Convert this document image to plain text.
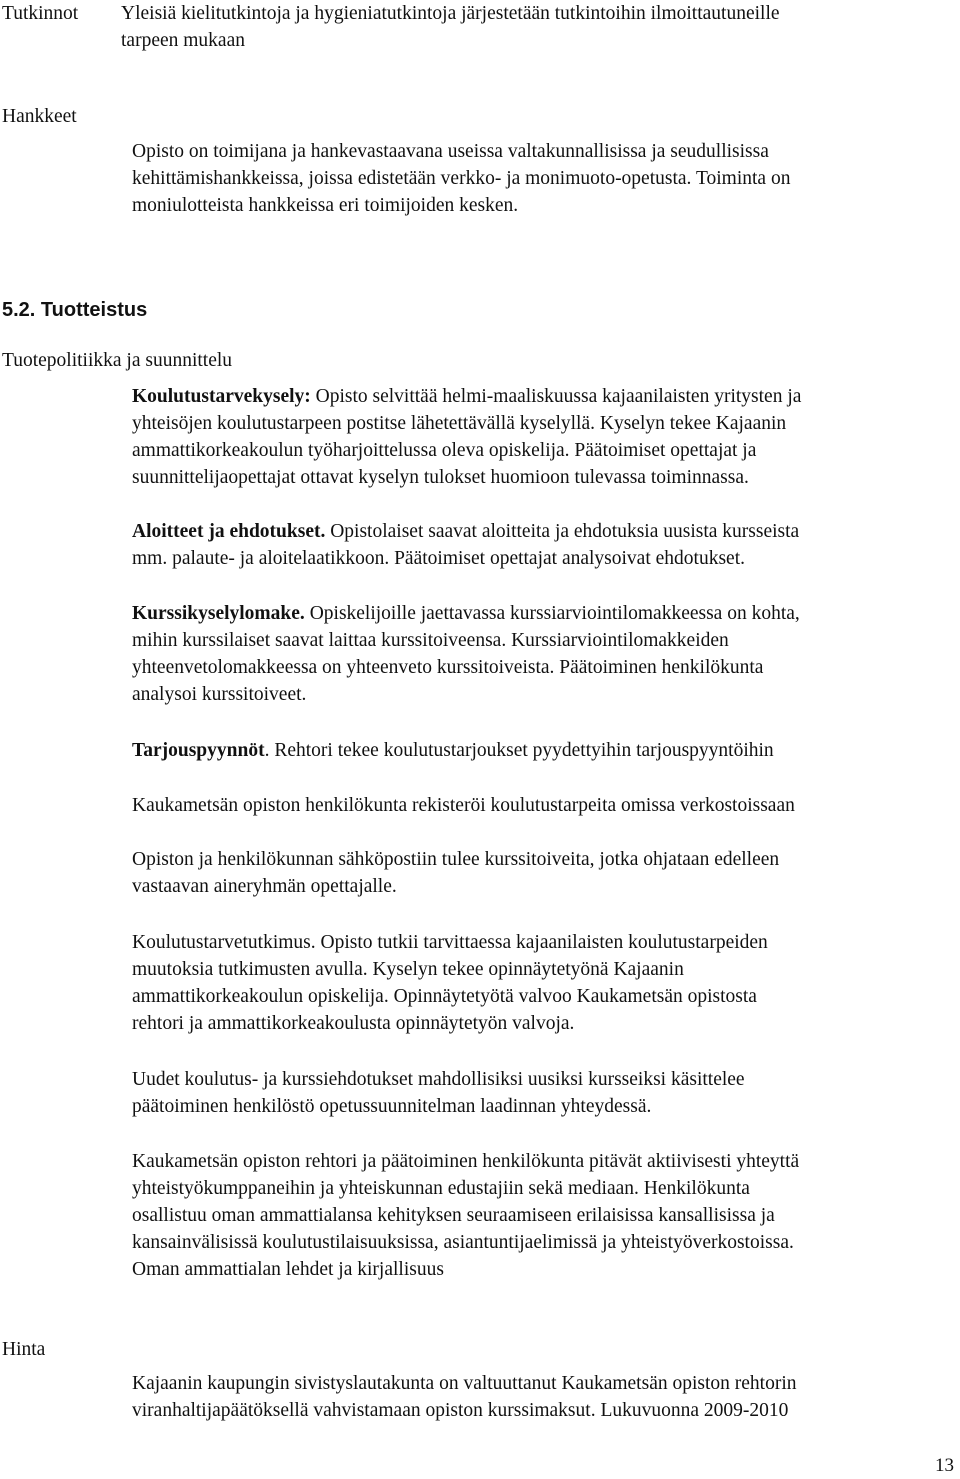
Tutkinnot Yleisiä kielitutkintoja ja hygieniatutkintoja järjestetään tutkintoihin ilmoittautuneille
tarpeen mukaan
Hankkeet
Opisto on toimijana ja hankevastaavana useissa valtakunnallisissa ja seudullisissa
kehittämishankkeissa, joissa edistetään verkko- ja monimuoto-opetusta. Toiminta on
moniulotteista hankkeissa eri toimijoiden kesken.
5.2. Tuotteistus
Tuotepolitiikka ja suunnittelu
Koulutustarvekysely: Opisto selvittää helmi-maaliskuussa kajaanilaisten yritysten ja
yhteisöjen koulutustarpeen postitse lähetettävällä kyselyllä. Kyselyn tekee Kajaanin
ammattikorkeakoulun työharjoittelussa oleva opiskelija. Päätoimiset opettajat ja
suunnittelijaopettajat ottavat kyselyn tulokset huomioon tulevassa toiminnassa.
Aloitteet ja ehdotukset. Opistolaiset saavat aloitteita ja ehdotuksia uusista kursseista
mm. palaute- ja aloitelaatikkoon. Päätoimiset opettajat analysoivat ehdotukset.
Kurssikyselylomake. Opiskelijoille jaettavassa kurssiarviointilomakkeessa on kohta,
mihin kurssilaiset saavat laittaa kurssitoiveensa. Kurssiarviointilomakkeiden
yhteenvetolomakkeessa on yhteenveto kurssitoiveista. Päätoiminen henkilökunta
analysoi kurssitoiveet.
Tarjouspyynnöt. Rehtori tekee koulutustarjoukset pyydettyihin tarjouspyyntöihin
Kaukametsän opiston henkilökunta rekisteröi koulutustarpeita omissa verkostoissaan
Opiston ja henkilökunnan sähköpostiin tulee kurssitoiveita, jotka ohjataan edelleen
vastaavan aineryhmän opettajalle.
Koulutustarvetutkimus. Opisto tutkii tarvittaessa kajaanilaisten koulutustarpeiden
muutoksia tutkimusten avulla. Kyselyn tekee opinnäytetyönä Kajaanin
ammattikorkeakoulun opiskelija. Opinnäytetyötä valvoo Kaukametsän opistosta
rehtori ja ammattikorkeakoulusta opinnäytetyön valvoja.
Uudet koulutus- ja kurssiehdotukset mahdollisiksi uusiksi kursseiksi käsittelee
päätoiminen henkilöstö opetussuunnitelman laadinnan yhteydessä.
Kaukametsän opiston rehtori ja päätoiminen henkilökunta pitävät aktiivisesti yhteyttä
yhteistyökumppaneihin ja yhteiskunnan edustajiin sekä mediaan. Henkilökunta
osallistuu oman ammattialansa kehityksen seuraamiseen erilaisissa kansallisissa ja
kansainvälisissä koulutustilaisuuksissa, asiantuntijaelimissä ja yhteistyöverkostoissa.
Oman ammattialan lehdet ja kirjallisuus
Hinta
Kajaanin kaupungin sivistyslautakunta on valtuuttanut Kaukametsän opiston rehtorin
viranhaltijapäätöksellä vahvistamaan opiston kurssimaksut. Lukuvuonna 2009-2010
13
